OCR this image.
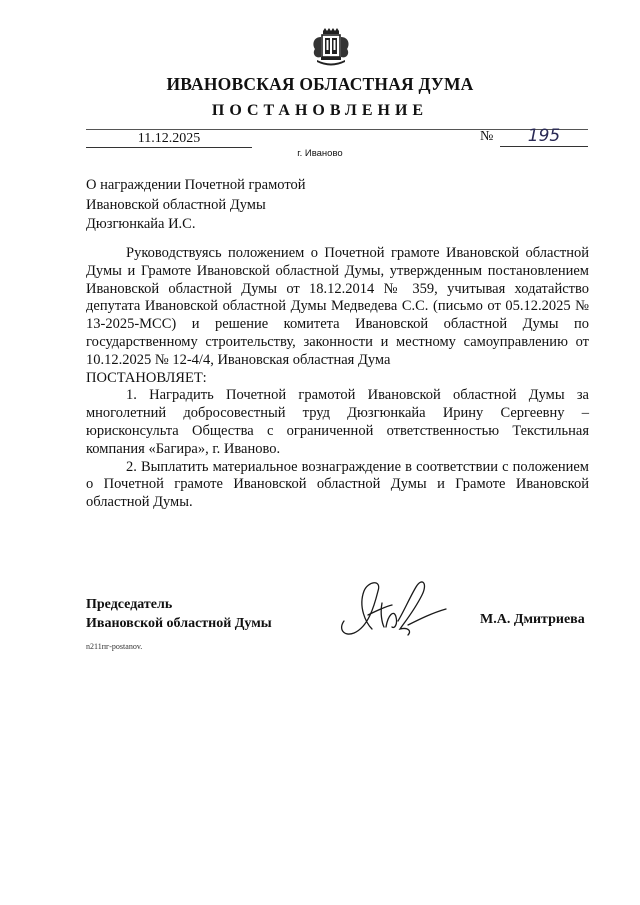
ИВАНОВСКАЯ ОБЛАСТНАЯ ДУМА
ПОСТАНОВЛЕНИЕ
11.12.2025	№	195
г. Иваново
О награждении Почетной грамотой
Ивановской областной Думы
Дюзгюнкайа И.С.

Руководствуясь положением о Почетной грамоте Ивановской областной Думы и Грамоте Ивановской областной Думы, утвержденным постановлением Ивановской областной Думы от 18.12.2014 № 359, учитывая ходатайство депутата Ивановской областной Думы Медведева С.С. (письмо от 05.12.2025 № 13-2025-МСС) и решение комитета Ивановской областной Думы по государственному строительству, законности и местному самоуправлению от 10.12.2025 № 12-4/4, Ивановская областная Дума

ПОСТАНОВЛЯЕТ:

1. Наградить Почетной грамотой Ивановской областной Думы за многолетний добросовестный труд Дюзгюнкайа Ирину Сергеевну – юрисконсульта Общества с ограниченной ответственностью Текстильная компания «Багира», г. Иваново.

2. Выплатить материальное вознаграждение в соответствии с положением о Почетной грамоте Ивановской областной Думы и Грамоте Ивановской областной Думы.

Председатель
Ивановской областной Думы	М.А. Дмитриева
n211пг-postanov.
